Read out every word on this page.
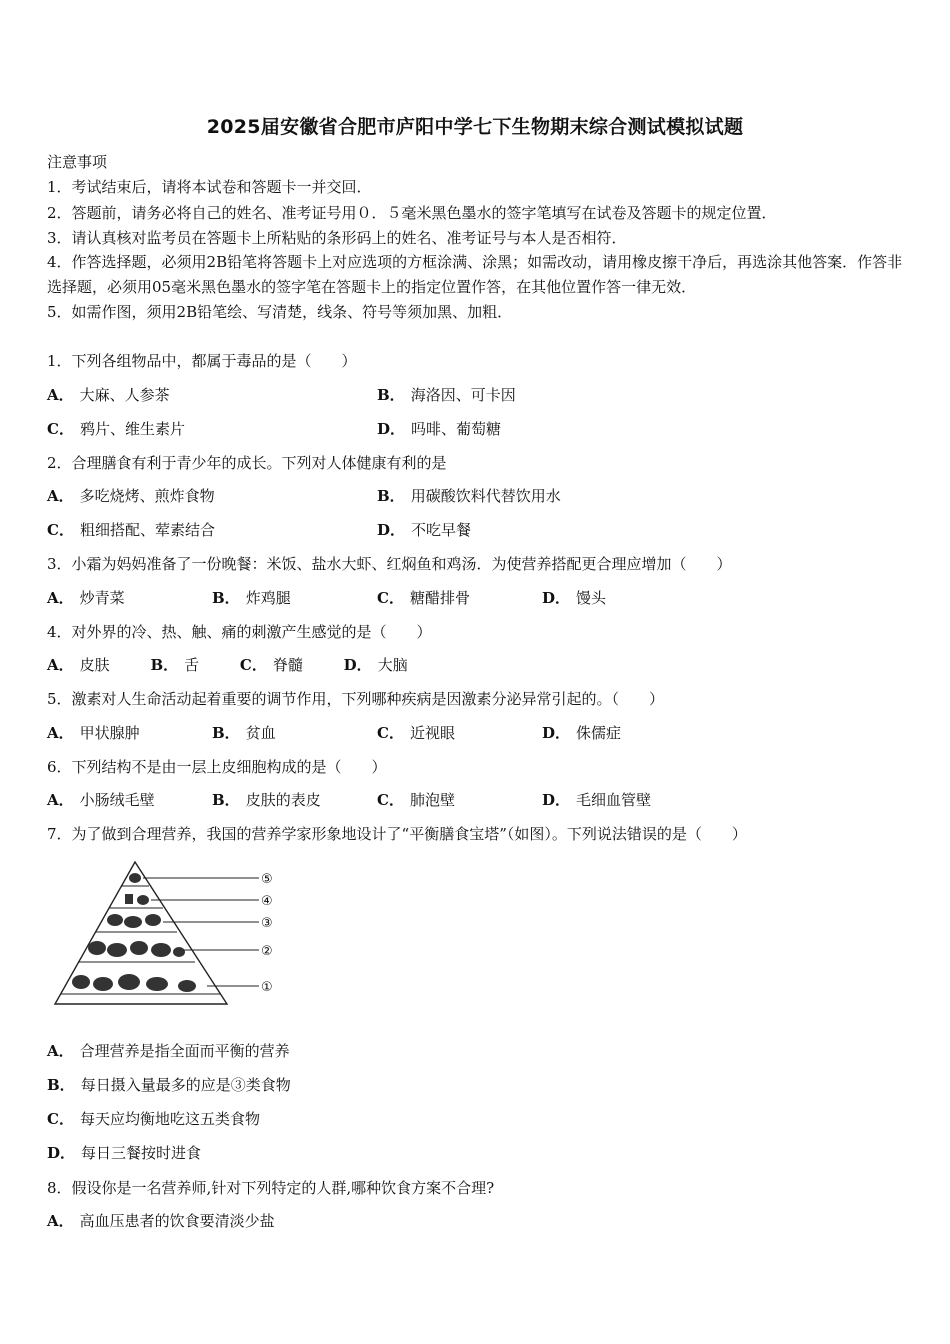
2025届安徽省合肥市庐阳中学七下生物期末综合测试模拟试题
注意事项
1．考试结束后，请将本试卷和答题卡一并交回．
2．答题前，请务必将自己的姓名、准考证号用０．５毫米黑色墨水的签字笔填写在试卷及答题卡的规定位置．
3．请认真核对监考员在答题卡上所粘贴的条形码上的姓名、准考证号与本人是否相符．
4．作答选择题，必须用2B铅笔将答题卡上对应选项的方框涂满、涂黑；如需改动，请用橡皮擦干净后，再选涂其他答案．作答非选择题，必须用05毫米黑色墨水的签字笔在答题卡上的指定位置作答，在其他位置作答一律无效．
5．如需作图，须用2B铅笔绘、写清楚，线条、符号等须加黑、加粗．
1．下列各组物品中，都属于毒品的是（　　）
A． 大麻、人参茶	B． 海洛因、可卡因
C． 鸦片、维生素片	D． 吗啡、葡萄糖
2．合理膳食有利于青少年的成长。下列对人体健康有利的是
A． 多吃烧烤、煎炸食物	B． 用碳酸饮料代替饮用水
C． 粗细搭配、荤素结合	D． 不吃早餐
3．小霜为妈妈准备了一份晚餐：米饭、盐水大虾、红焖鱼和鸡汤．为使营养搭配更合理应增加（　　）
A． 炒青菜	B． 炸鸡腿	C． 糖醋排骨	D． 馒头
4．对外界的冷、热、触、痛的刺激产生感觉的是（　　）
A． 皮肤	B． 舌	C． 脊髓	D． 大脑
5．激素对人生命活动起着重要的调节作用，下列哪种疾病是因激素分泌异常引起的。（　　）
A． 甲状腺肿	B． 贫血	C． 近视眼	D． 侏儒症
6．下列结构不是由一层上皮细胞构成的是（　　）
A． 小肠绒毛壁	B． 皮肤的表皮	C． 肺泡壁	D． 毛细血管壁
7．为了做到合理营养，我国的营养学家形象地设计了“平衡膳食宝塔”（如图）。下列说法错误的是（　　）
⑤
④
③
②
①
A． 合理营养是指全面而平衡的营养
B． 每日摄入量最多的应是③类食物
C． 每天应均衡地吃这五类食物
D． 每日三餐按时进食
8．假设你是一名营养师,针对下列特定的人群,哪种饮食方案不合理?
A． 高血压患者的饮食要清淡少盐
